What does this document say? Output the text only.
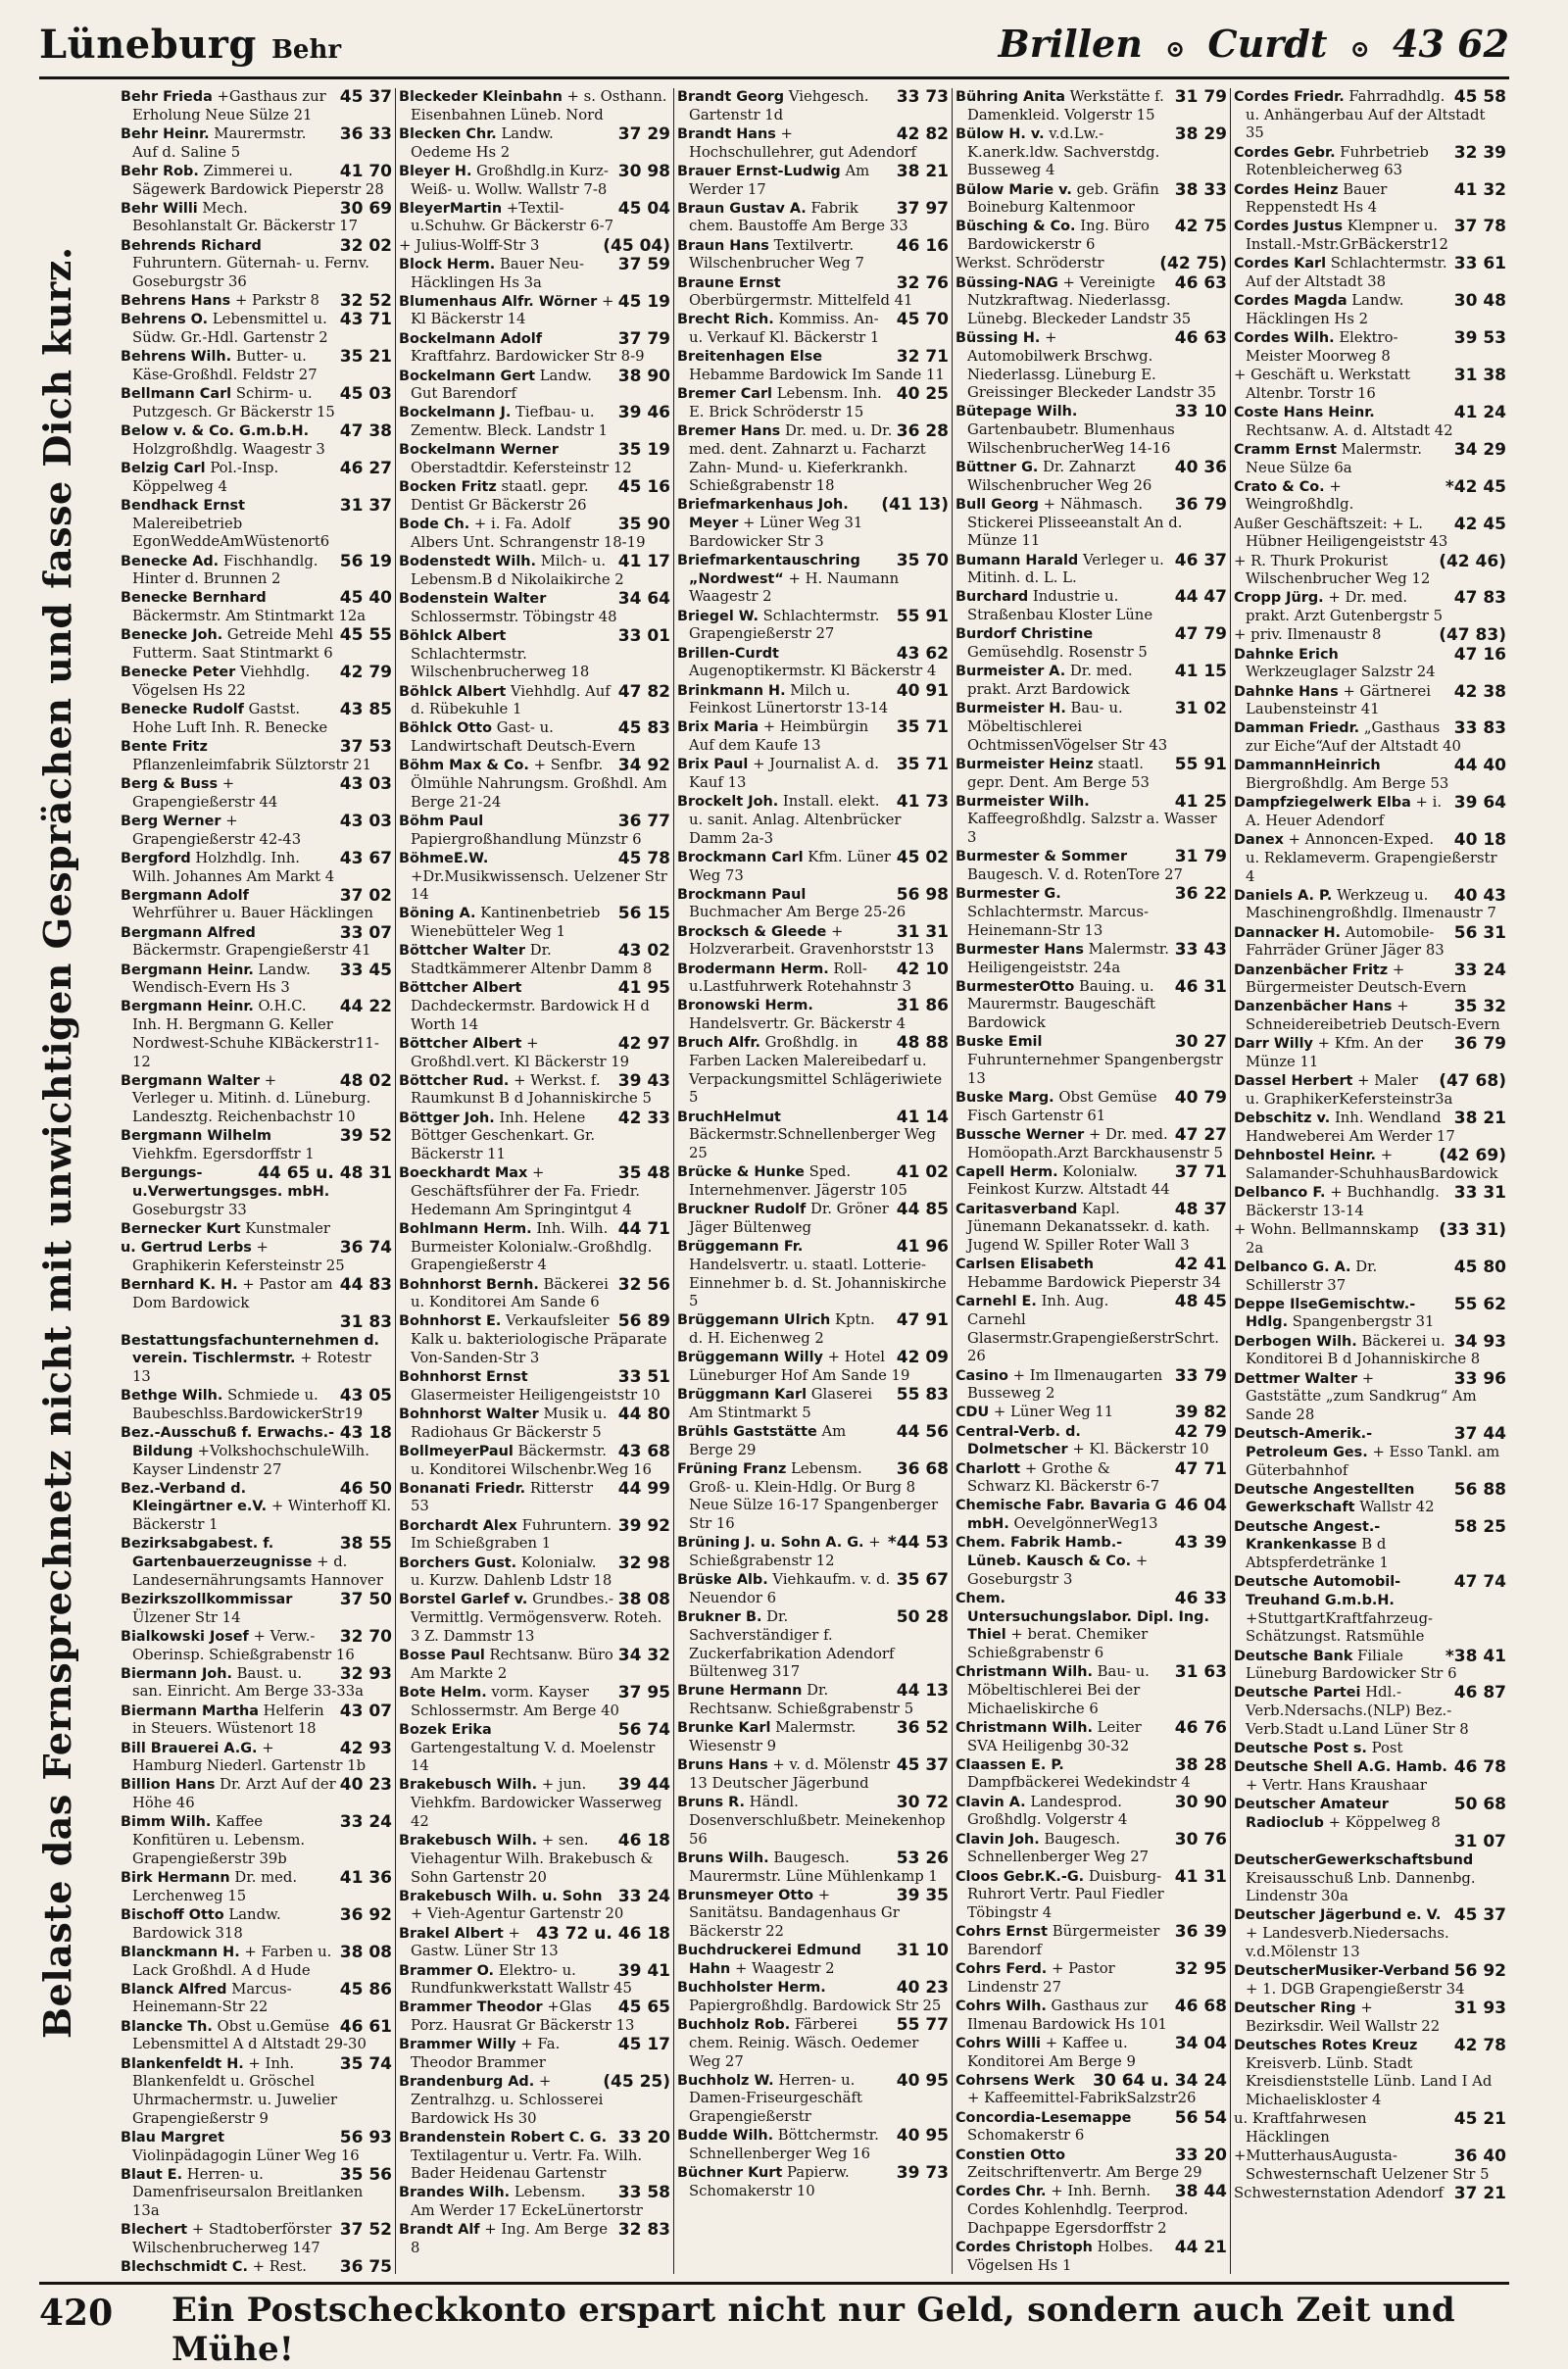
Lüneburg Behr	Brillen ⊙ Curdt ⊙ 43 62
Belaste das Fernsprechnetz nicht mit unwichtigen Gesprächen und fasse Dich kurz.
45 37
Behr Frieda +Gasthaus zur Erholung Neue Sülze 21
36 33
Behr Heinr. Maurermstr. Auf d. Saline 5
41 70
Behr Rob. Zimmerei u. Sägewerk Bardowick Pieperstr 28
30 69
Behr Willi Mech. Besohlanstalt Gr. Bäckerstr 17
32 02
Behrends Richard Fuhruntern. Güternah- u. Fernv. Goseburgstr 36
32 52
Behrens Hans + Parkstr 8
43 71
Behrens O. Lebensmittel u. Südw. Gr.-Hdl. Gartenstr 2
35 21
Behrens Wilh. Butter- u. Käse-Großhdl. Feldstr 27
45 03
Bellmann Carl Schirm- u. Putzgesch. Gr Bäckerstr 15
47 38
Below v. & Co. G.m.b.H. Holzgroßhdlg. Waagestr 3
46 27
Belzig Carl Pol.-Insp. Köppelweg 4
31 37
Bendhack Ernst Malereibetrieb EgonWeddeAmWüstenort6
56 19
Benecke Ad. Fischhandlg. Hinter d. Brunnen 2
45 40
Benecke Bernhard Bäckermstr. Am Stintmarkt 12a
45 55
Benecke Joh. Getreide Mehl Futterm. Saat Stintmarkt 6
42 79
Benecke Peter Viehhdlg. Vögelsen Hs 22
43 85
Benecke Rudolf Gastst. Hohe Luft Inh. R. Benecke
37 53
Bente Fritz Pflanzenleimfabrik Sülztorstr 21
43 03
Berg & Buss + Grapengießerstr 44
43 03
Berg Werner + Grapengießerstr 42-43
43 67
Bergford Holzhdlg. Inh. Wilh. Johannes Am Markt 4
37 02
Bergmann Adolf Wehrführer u. Bauer Häcklingen
33 07
Bergmann Alfred Bäckermstr. Grapengießerstr 41
33 45
Bergmann Heinr. Landw. Wendisch-Evern Hs 3
44 22
Bergmann Heinr. O.H.C. Inh. H. Bergmann G. Keller Nordwest-Schuhe KlBäckerstr11-12
48 02
Bergmann Walter + Verleger u. Mitinh. d. Lüneburg. Landesztg. Reichenbachstr 10
39 52
Bergmann Wilhelm Viehkfm. Egersdorffstr 1
44 65 u. 48 31
Bergungs-u.Verwertungsges. mbH. Goseburgstr 33
Bernecker Kurt Kunstmaler
36 74
u. Gertrud Lerbs + Graphikerin Kefersteinstr 25
44 83
Bernhard K. H. + Pastor am Dom Bardowick
31 83
Bestattungsfachunternehmen d. verein. Tischlermstr. + Rotestr 13
43 05
Bethge Wilh. Schmiede u. Baubeschlss.BardowickerStr19
43 18
Bez.-Ausschuß f. Erwachs.-Bildung +VolkshochschuleWilh. Kayser Lindenstr 27
46 50
Bez.-Verband d. Kleingärtner e.V. + Winterhoff Kl. Bäckerstr 1
38 55
Bezirksabgabest. f. Gartenbauerzeugnisse + d. Landesernährungsamts Hannover
37 50
Bezirkszollkommissar Ülzener Str 14
32 70
Bialkowski Josef + Verw.-Oberinsp. Schießgrabenstr 16
32 93
Biermann Joh. Baust. u. san. Einricht. Am Berge 33-33a
43 07
Biermann Martha Helferin in Steuers. Wüstenort 18
42 93
Bill Brauerei A.G. + Hamburg Niederl. Gartenstr 1b
40 23
Billion Hans Dr. Arzt Auf der Höhe 46
33 24
Bimm Wilh. Kaffee Konfitüren u. Lebensm. Grapengießerstr 39b
41 36
Birk Hermann Dr. med. Lerchenweg 15
36 92
Bischoff Otto Landw. Bardowick 318
38 08
Blanckmann H. + Farben u. Lack Großhdl. A d Hude
45 86
Blanck Alfred Marcus-Heinemann-Str 22
46 61
Blancke Th. Obst u.Gemüse Lebensmittel A d Altstadt 29-30
35 74
Blankenfeldt H. + Inh. Blankenfeldt u. Gröschel Uhrmachermstr. u. Juwelier Grapengießerstr 9
56 93
Blau Margret Violinpädagogin Lüner Weg 16
35 56
Blaut E. Herren- u. Damenfriseursalon Breitlanken 13a
37 52
Blechert + Stadtoberförster Wilschenbrucherweg 147
36 75
Blechschmidt C. + Rest.
Bleckeder Kleinbahn + s. Osthann. Eisenbahnen Lüneb. Nord
37 29
Blecken Chr. Landw. Oedeme Hs 2
30 98
Bleyer H. Großhdlg.in Kurz-Weiß- u. Wollw. Wallstr 7-8
45 04
BleyerMartin +Textil-u.Schuhw. Gr Bäckerstr 6-7
(45 04)
+ Julius-Wolff-Str 3
37 59
Block Herm. Bauer Neu-Häcklingen Hs 3a
45 19
Blumenhaus Alfr. Wörner + Kl Bäckerstr 14
37 79
Bockelmann Adolf Kraftfahrz. Bardowicker Str 8-9
38 90
Bockelmann Gert Landw. Gut Barendorf
39 46
Bockelmann J. Tiefbau- u. Zementw. Bleck. Landstr 1
35 19
Bockelmann Werner Oberstadtdir. Kefersteinstr 12
45 16
Bocken Fritz staatl. gepr. Dentist Gr Bäckerstr 26
35 90
Bode Ch. + i. Fa. Adolf Albers Unt. Schrangenstr 18-19
41 17
Bodenstedt Wilh. Milch- u. Lebensm.B d Nikolaikirche 2
34 64
Bodenstein Walter Schlossermstr. Töbingstr 48
33 01
Böhlck Albert Schlachtermstr. Wilschenbrucherweg 18
47 82
Böhlck Albert Viehhdlg. Auf d. Rübekuhle 1
45 83
Böhlck Otto Gast- u. Landwirtschaft Deutsch-Evern
34 92
Böhm Max & Co. + Senfbr. Ölmühle Nahrungsm. Großhdl. Am Berge 21-24
36 77
Böhm Paul Papiergroßhandlung Münzstr 6
45 78
BöhmeE.W. +Dr.Musikwissensch. Uelzener Str 14
56 15
Böning A. Kantinenbetrieb Wienebütteler Weg 1
43 02
Böttcher Walter Dr. Stadtkämmerer Altenbr Damm 8
41 95
Böttcher Albert Dachdeckermstr. Bardowick H d Worth 14
42 97
Böttcher Albert + Großhdl.vert. Kl Bäckerstr 19
39 43
Böttcher Rud. + Werkst. f. Raumkunst B d Johanniskirche 5
42 33
Böttger Joh. Inh. Helene Böttger Geschenkart. Gr. Bäckerstr 11
35 48
Boeckhardt Max + Geschäftsführer der Fa. Friedr. Hedemann Am Springintgut 4
44 71
Bohlmann Herm. Inh. Wilh. Burmeister Kolonialw.-Großhdlg. Grapengießerstr 4
32 56
Bohnhorst Bernh. Bäckerei u. Konditorei Am Sande 6
56 89
Bohnhorst E. Verkaufsleiter Kalk u. bakteriologische Präparate Von-Sanden-Str 3
33 51
Bohnhorst Ernst Glasermeister Heiligengeiststr 10
44 80
Bohnhorst Walter Musik u. Radiohaus Gr Bäckerstr 5
43 68
BollmeyerPaul Bäckermstr. u. Konditorei Wilschenbr.Weg 16
44 99
Bonanati Friedr. Ritterstr 53
39 92
Borchardt Alex Fuhruntern. Im Schießgraben 1
32 98
Borchers Gust. Kolonialw. u. Kurzw. Dahlenb Ldstr 18
38 08
Borstel Garlef v. Grundbes.-Vermittlg. Vermögensverw. Roteh. 3 Z. Dammstr 13
34 32
Bosse Paul Rechtsanw. Büro Am Markte 2
37 95
Bote Helm. vorm. Kayser Schlossermstr. Am Berge 40
56 74
Bozek Erika Gartengestaltung V. d. Moelenstr 14
39 44
Brakebusch Wilh. + jun. Viehkfm. Bardowicker Wasserweg 42
46 18
Brakebusch Wilh. + sen. Viehagentur Wilh. Brakebusch & Sohn Gartenstr 20
33 24
Brakebusch Wilh. u. Sohn + Vieh-Agentur Gartenstr 20
43 72 u. 46 18
Brakel Albert + Gastw. Lüner Str 13
39 41
Brammer O. Elektro- u. Rundfunkwerkstatt Wallstr 45
45 65
Brammer Theodor +Glas Porz. Hausrat Gr Bäckerstr 13
45 17
Brammer Willy + Fa. Theodor Brammer
(45 25)
Brandenburg Ad. + Zentralhzg. u. Schlosserei Bardowick Hs 30
33 20
Brandenstein Robert C. G. Textilagentur u. Vertr. Fa. Wilh. Bader Heidenau Gartenstr
33 58
Brandes Wilh. Lebensm. Am Werder 17 EckeLünertorstr
32 83
Brandt Alf + Ing. Am Berge 8
33 73
Brandt Georg Viehgesch. Gartenstr 1d
42 82
Brandt Hans + Hochschullehrer, gut Adendorf
38 21
Brauer Ernst-Ludwig Am Werder 17
37 97
Braun Gustav A. Fabrik chem. Baustoffe Am Berge 33
46 16
Braun Hans Textilvertr. Wilschenbrucher Weg 7
32 76
Braune Ernst Oberbürgermstr. Mittelfeld 41
45 70
Brecht Rich. Kommiss. An- u. Verkauf Kl. Bäckerstr 1
32 71
Breitenhagen Else Hebamme Bardowick Im Sande 11
40 25
Bremer Carl Lebensm. Inh. E. Brick Schröderstr 15
36 28
Bremer Hans Dr. med. u. Dr. med. dent. Zahnarzt u. Facharzt Zahn- Mund- u. Kieferkrankh. Schießgrabenstr 18
(41 13)
Briefmarkenhaus Joh. Meyer + Lüner Weg 31 Bardowicker Str 3
35 70
Briefmarkentauschring „Nordwest“ + H. Naumann Waagestr 2
55 91
Briegel W. Schlachtermstr. Grapengießerstr 27
43 62
Brillen-Curdt Augenoptikermstr. Kl Bäckerstr 4
40 91
Brinkmann H. Milch u. Feinkost Lünertorstr 13-14
35 71
Brix Maria + Heimbürgin Auf dem Kaufe 13
35 71
Brix Paul + Journalist A. d. Kauf 13
41 73
Brockelt Joh. Install. elekt. u. sanit. Anlag. Altenbrücker Damm 2a-3
45 02
Brockmann Carl Kfm. Lüner Weg 73
56 98
Brockmann Paul Buchmacher Am Berge 25-26
31 31
Brocksch & Gleede + Holzverarbeit. Gravenhorststr 13
42 10
Brodermann Herm. Roll-u.Lastfuhrwerk Rotehahnstr 3
31 86
Bronowski Herm. Handelsvertr. Gr. Bäckerstr 4
48 88
Bruch Alfr. Großhdlg. in Farben Lacken Malereibedarf u. Verpackungsmittel Schlägeriwiete 5
41 14
BruchHelmut Bäckermstr.Schnellenberger Weg 25
41 02
Brücke & Hunke Sped. Internehmenver. Jägerstr 105
44 85
Bruckner Rudolf Dr. Gröner Jäger Bültenweg
41 96
Brüggemann Fr. Handelsvertr. u. staatl. Lotterie-Einnehmer b. d. St. Johanniskirche 5
47 91
Brüggemann Ulrich Kptn. d. H. Eichenweg 2
42 09
Brüggemann Willy + Hotel Lüneburger Hof Am Sande 19
55 83
Brüggmann Karl Glaserei Am Stintmarkt 5
44 56
Brühls Gaststätte Am Berge 29
36 68
Früning Franz Lebensm. Groß- u. Klein-Hdlg. Or Burg 8 Neue Sülze 16-17 Spangenberger Str 16
*44 53
Brüning J. u. Sohn A. G. + Schießgrabenstr 12
35 67
Brüske Alb. Viehkaufm. v. d. Neuendor 6
50 28
Brukner B. Dr. Sachverständiger f. Zuckerfabrikation Adendorf Bültenweg 317
44 13
Brune Hermann Dr. Rechtsanw. Schießgrabenstr 5
36 52
Brunke Karl Malermstr. Wiesenstr 9
45 37
Bruns Hans + v. d. Mölenstr 13 Deutscher Jägerbund
30 72
Bruns R. Händl. Dosenverschlußbetr. Meinekenhop 56
53 26
Bruns Wilh. Baugesch. Maurermstr. Lüne Mühlenkamp 1
39 35
Brunsmeyer Otto + Sanitätsu. Bandagenhaus Gr Bäckerstr 22
31 10
Buchdruckerei Edmund Hahn + Waagestr 2
40 23
Buchholster Herm. Papiergroßhdlg. Bardowick Str 25
55 77
Buchholz Rob. Färberei chem. Reinig. Wäsch. Oedemer Weg 27
40 95
Buchholz W. Herren- u. Damen-Friseurgeschäft Grapengießerstr
40 95
Budde Wilh. Böttchermstr. Schnellenberger Weg 16
39 73
Büchner Kurt Papierw. Schomakerstr 10
31 79
Bühring Anita Werkstätte f. Damenkleid. Volgerstr 15
38 29
Bülow H. v. v.d.Lw.-K.anerk.ldw. Sachverstdg. Busseweg 4
38 33
Bülow Marie v. geb. Gräfin Boineburg Kaltenmoor
42 75
Büsching & Co. Ing. Büro Bardowickerstr 6
(42 75)
Werkst. Schröderstr
46 63
Büssing-NAG + Vereinigte Nutzkraftwag. Niederlassg. Lünebg. Bleckeder Landstr 35
46 63
Büssing H. + Automobilwerk Brschwg. Niederlassg. Lüneburg E. Greissinger Bleckeder Landstr 35
33 10
Bütepage Wilh. Gartenbaubetr. Blumenhaus WilschenbrucherWeg 14-16
40 36
Büttner G. Dr. Zahnarzt Wilschenbrucher Weg 26
36 79
Bull Georg + Nähmasch. Stickerei Plisseeanstalt An d. Münze 11
46 37
Bumann Harald Verleger u. Mitinh. d. L. L.
44 47
Burchard Industrie u. Straßenbau Kloster Lüne
47 79
Burdorf Christine Gemüsehdlg. Rosenstr 5
41 15
Burmeister A. Dr. med. prakt. Arzt Bardowick
31 02
Burmeister H. Bau- u. Möbeltischlerei OchtmissenVögelser Str 43
55 91
Burmeister Heinz staatl. gepr. Dent. Am Berge 53
41 25
Burmeister Wilh. Kaffeegroßhdlg. Salzstr a. Wasser 3
31 79
Burmester & Sommer Baugesch. V. d. RotenTore 27
36 22
Burmester G. Schlachtermstr. Marcus-Heinemann-Str 13
33 43
Burmester Hans Malermstr. Heiligengeiststr. 24a
46 31
BurmesterOtto Bauing. u. Maurermstr. Baugeschäft Bardowick
30 27
Buske Emil Fuhrunternehmer Spangenbergstr 13
40 79
Buske Marg. Obst Gemüse Fisch Gartenstr 61
47 27
Bussche Werner + Dr. med. Homöopath.Arzt Barckhausenstr 5
37 71
Capell Herm. Kolonialw. Feinkost Kurzw. Altstadt 44
48 37
Caritasverband Kapl. Jünemann Dekanatssekr. d. kath. Jugend W. Spiller Roter Wall 3
42 41
Carlsen Elisabeth Hebamme Bardowick Pieperstr 34
48 45
Carnehl E. Inh. Aug. Carnehl Glasermstr.GrapengießerstrSchrt. 26
33 79
Casino + Im Ilmenaugarten Busseweg 2
39 82
CDU + Lüner Weg 11
42 79
Central-Verb. d. Dolmetscher + Kl. Bäckerstr 10
47 71
Charlott + Grothe & Schwarz Kl. Bäckerstr 6-7
46 04
Chemische Fabr. Bavaria G mbH. OevelgönnerWeg13
43 39
Chem. Fabrik Hamb.-Lüneb. Kausch & Co. + Goseburgstr 3
46 33
Chem. Untersuchungslabor. Dipl. Ing. Thiel + berat. Chemiker Schießgrabenstr 6
31 63
Christmann Wilh. Bau- u. Möbeltischlerei Bei der Michaeliskirche 6
46 76
Christmann Wilh. Leiter SVA Heiligenbg 30-32
38 28
Claassen E. P. Dampfbäckerei Wedekindstr 4
30 90
Clavin A. Landesprod. Großhdlg. Volgerstr 4
30 76
Clavin Joh. Baugesch. Schnellenberger Weg 27
41 31
Cloos Gebr.K.-G. Duisburg-Ruhrort Vertr. Paul Fiedler Töbingstr 4
36 39
Cohrs Ernst Bürgermeister Barendorf
32 95
Cohrs Ferd. + Pastor Lindenstr 27
46 68
Cohrs Wilh. Gasthaus zur Ilmenau Bardowick Hs 101
34 04
Cohrs Willi + Kaffee u. Konditorei Am Berge 9
30 64 u. 34 24
Cohrsens Werk + Kaffeemittel-FabrikSalzstr26
56 54
Concordia-Lesemappe Schomakerstr 6
33 20
Constien Otto Zeitschriftenvertr. Am Berge 29
38 44
Cordes Chr. + Inh. Bernh. Cordes Kohlenhdlg. Teerprod. Dachpappe Egersdorffstr 2
44 21
Cordes Christoph Holbes. Vögelsen Hs 1
45 58
Cordes Friedr. Fahrradhdlg. u. Anhängerbau Auf der Altstadt 35
32 39
Cordes Gebr. Fuhrbetrieb Rotenbleicherweg 63
41 32
Cordes Heinz Bauer Reppenstedt Hs 4
37 78
Cordes Justus Klempner u. Install.-Mstr.GrBäckerstr12
33 61
Cordes Karl Schlachtermstr. Auf der Altstadt 38
30 48
Cordes Magda Landw. Häcklingen Hs 2
39 53
Cordes Wilh. Elektro-Meister Moorweg 8
31 38
+ Geschäft u. Werkstatt Altenbr. Torstr 16
41 24
Coste Hans Heinr. Rechtsanw. A. d. Altstadt 42
34 29
Cramm Ernst Malermstr. Neue Sülze 6a
*42 45
Crato & Co. + Weingroßhdlg.
42 45
Außer Geschäftszeit: + L. Hübner Heiligengeiststr 43
(42 46)
+ R. Thurk Prokurist Wilschenbrucher Weg 12
47 83
Cropp Jürg. + Dr. med. prakt. Arzt Gutenbergstr 5
(47 83)
+ priv. Ilmenaustr 8
47 16
Dahnke Erich Werkzeuglager Salzstr 24
42 38
Dahnke Hans + Gärtnerei Laubensteinstr 41
33 83
Damman Friedr. „Gasthaus zur Eiche“Auf der Altstadt 40
44 40
DammannHeinrich Biergroßhdlg. Am Berge 53
39 64
Dampfziegelwerk Elba + i. A. Heuer Adendorf
40 18
Danex + Annoncen-Exped. u. Reklameverm. Grapengießerstr 4
40 43
Daniels A. P. Werkzeug u. Maschinengroßhdlg. Ilmenaustr 7
56 31
Dannacker H. Automobile-Fahrräder Grüner Jäger 83
33 24
Danzenbächer Fritz + Bürgermeister Deutsch-Evern
35 32
Danzenbächer Hans + Schneidereibetrieb Deutsch-Evern
36 79
Darr Willy + Kfm. An der Münze 11
(47 68)
Dassel Herbert + Maler u. GraphikerKefersteinstr3a
38 21
Debschitz v. Inh. Wendland Handweberei Am Werder 17
(42 69)
Dehnbostel Heinr. + Salamander-SchuhhausBardowick
33 31
Delbanco F. + Buchhandlg. Bäckerstr 13-14
(33 31)
+ Wohn. Bellmannskamp 2a
45 80
Delbanco G. A. Dr. Schillerstr 37
55 62
Deppe IlseGemischtw.-Hdlg. Spangenbergstr 31
34 93
Derbogen Wilh. Bäckerei u. Konditorei B d Johanniskirche 8
33 96
Dettmer Walter + Gaststätte „zum Sandkrug“ Am Sande 28
37 44
Deutsch-Amerik.-Petroleum Ges. + Esso Tankl. am Güterbahnhof
56 88
Deutsche Angestellten Gewerkschaft Wallstr 42
58 25
Deutsche Angest.-Krankenkasse B d Abtspferdetränke 1
47 74
Deutsche Automobil-Treuhand G.m.b.H. +StuttgartKraftfahrzeug-Schätzungst. Ratsmühle
*38 41
Deutsche Bank Filiale Lüneburg Bardowicker Str 6
46 87
Deutsche Partei Hdl.-Verb.Ndersachs.(NLP) Bez.-Verb.Stadt u.Land Lüner Str 8
Deutsche Post s. Post
46 78
Deutsche Shell A.G. Hamb. + Vertr. Hans Kraushaar
50 68
Deutscher Amateur Radioclub + Köppelweg 8
31 07
DeutscherGewerkschaftsbund Kreisausschuß Lnb. Dannenbg. Lindenstr 30a
45 37
Deutscher Jägerbund e. V. + Landesverb.Niedersachs. v.d.Mölenstr 13
56 92
DeutscherMusiker-Verband + 1. DGB Grapengießerstr 34
31 93
Deutscher Ring + Bezirksdir. Weil Wallstr 22
42 78
Deutsches Rotes Kreuz Kreisverb. Lünb. Stadt Kreisdienststelle Lünb. Land I Ad Michaeliskloster 4
45 21
u. Kraftfahrwesen Häcklingen
36 40
+MutterhausAugusta-Schwesternschaft Uelzener Str 5
37 21
Schwesternstation Adendorf
420 Ein Postscheckkonto erspart nicht nur Geld, sondern auch Zeit und Mühe!
